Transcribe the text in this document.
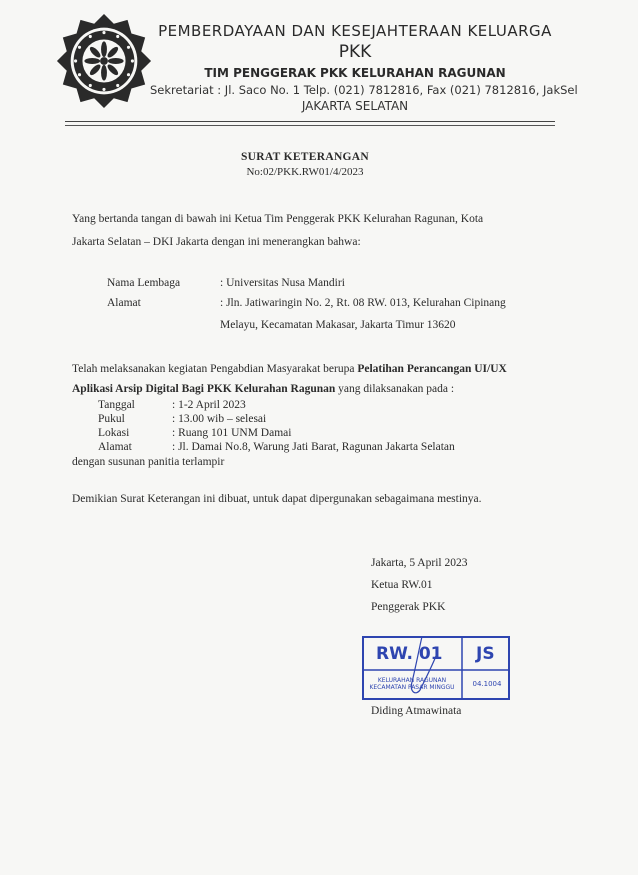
PEMBERDAYAAN DAN KESEJAHTERAAN KELUARGA
PKK
TIM PENGGERAK PKK KELURAHAN RAGUNAN
Sekretariat : Jl. Saco No. 1 Telp. (021) 7812816, Fax (021) 7812816, JakSel
JAKARTA SELATAN
SURAT KETERANGAN
No:02/PKK.RW01/4/2023
Yang bertanda tangan di bawah ini Ketua Tim Penggerak PKK Kelurahan Ragunan, Kota
Jakarta Selatan – DKI Jakarta dengan ini menerangkan bahwa:
Nama Lembaga	: Universitas Nusa Mandiri
Alamat	: Jln. Jatiwaringin No. 2, Rt. 08 RW. 013, Kelurahan Cipinang
Melayu, Kecamatan Makasar, Jakarta Timur 13620
Telah melaksanakan kegiatan Pengabdian Masyarakat berupa Pelatihan Perancangan UI/UX
Aplikasi Arsip Digital Bagi PKK Kelurahan Ragunan yang dilaksanakan pada :
Tanggal	: 1-2 April 2023
Pukul	: 13.00 wib – selesai
Lokasi	: Ruang 101 UNM Damai
Alamat	: Jl. Damai No.8, Warung Jati Barat, Ragunan Jakarta Selatan
dengan susunan panitia terlampir
Demikian Surat Keterangan ini dibuat, untuk dapat dipergunakan sebagaimana mestinya.
Jakarta, 5 April 2023
Ketua RW.01
Penggerak PKK
RW. 01 JS
KELURAHAN RAGUNAN
KECAMATAN PASAR MINGGU	04.1004
Diding Atmawinata
